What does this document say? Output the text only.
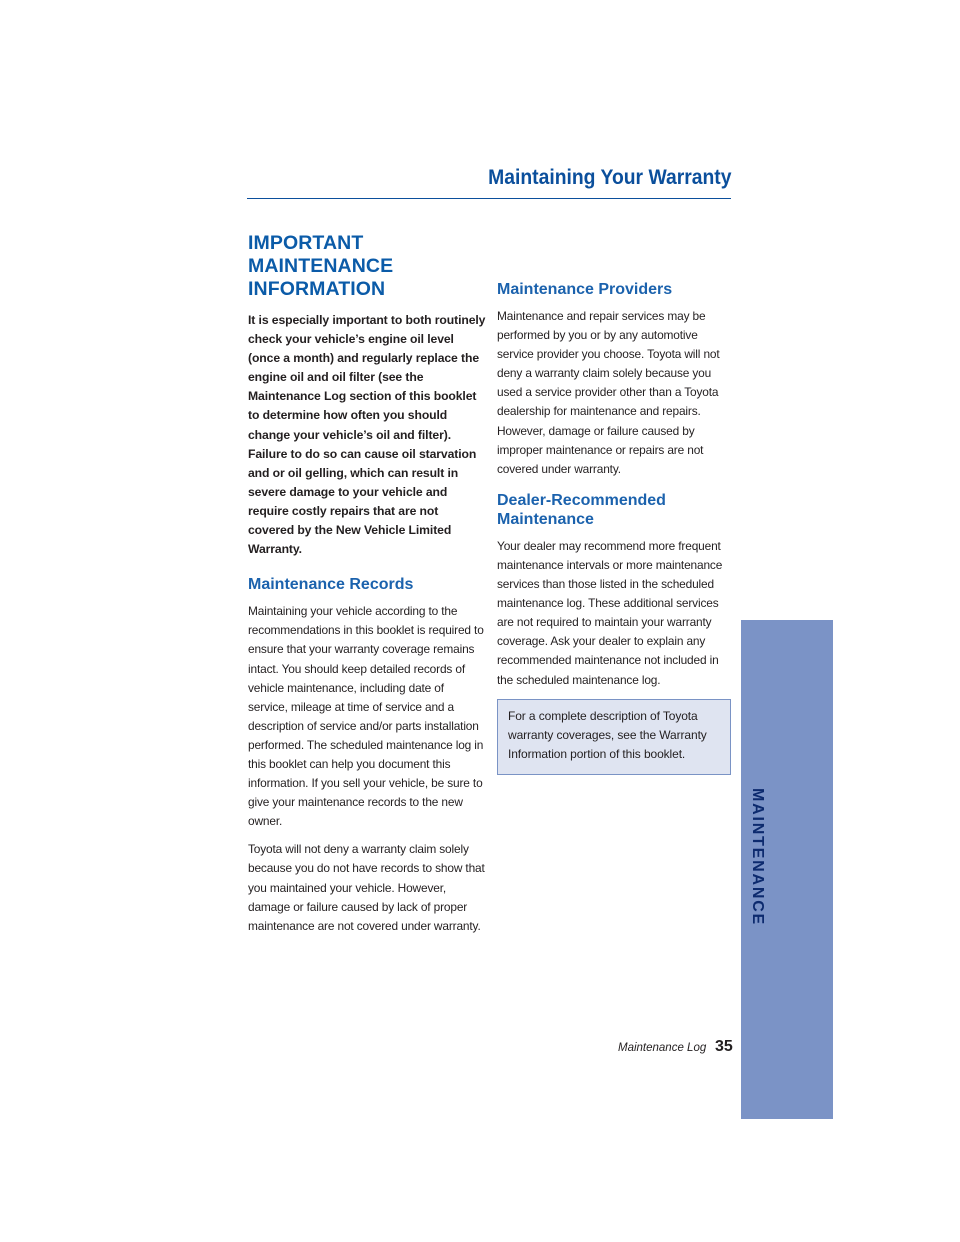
Maintaining Your Warranty
IMPORTANT MAINTENANCE INFORMATION

It is especially important to both routinely check your vehicle’s engine oil level (once a month) and regularly replace the engine oil and oil filter (see the Maintenance Log section of this booklet to determine how often you should change your vehicle’s oil and filter). Failure to do so can cause oil starvation and or oil gelling, which can result in severe damage to your vehicle and require costly repairs that are not covered by the New Vehicle Limited Warranty.

Maintenance Records

Maintaining your vehicle according to the recommendations in this booklet is required to ensure that your warranty coverage remains intact. You should keep detailed records of vehicle maintenance, including date of service, mileage at time of service and a description of service and/or parts installation performed. The scheduled maintenance log in this booklet can help you document this information. If you sell your vehicle, be sure to give your maintenance records to the new owner.

Toyota will not deny a warranty claim solely because you do not have records to show that you maintained your vehicle. However, damage or failure caused by lack of proper maintenance are not covered under warranty.

Maintenance Providers

Maintenance and repair services may be performed by you or by any automotive service provider you choose. Toyota will not deny a warranty claim solely because you used a service provider other than a Toyota dealership for maintenance and repairs. However, damage or failure caused by improper maintenance or repairs are not covered under warranty.

Dealer-Recommended Maintenance

Your dealer may recommend more frequent maintenance intervals or more maintenance services than those listed in the scheduled maintenance log. These additional services are not required to maintain your warranty coverage. Ask your dealer to explain any recommended maintenance not included in the scheduled maintenance log.

For a complete description of Toyota warranty coverages, see the Warranty Information portion of this booklet.

Maintenance Log 35

MAINTENANCE
